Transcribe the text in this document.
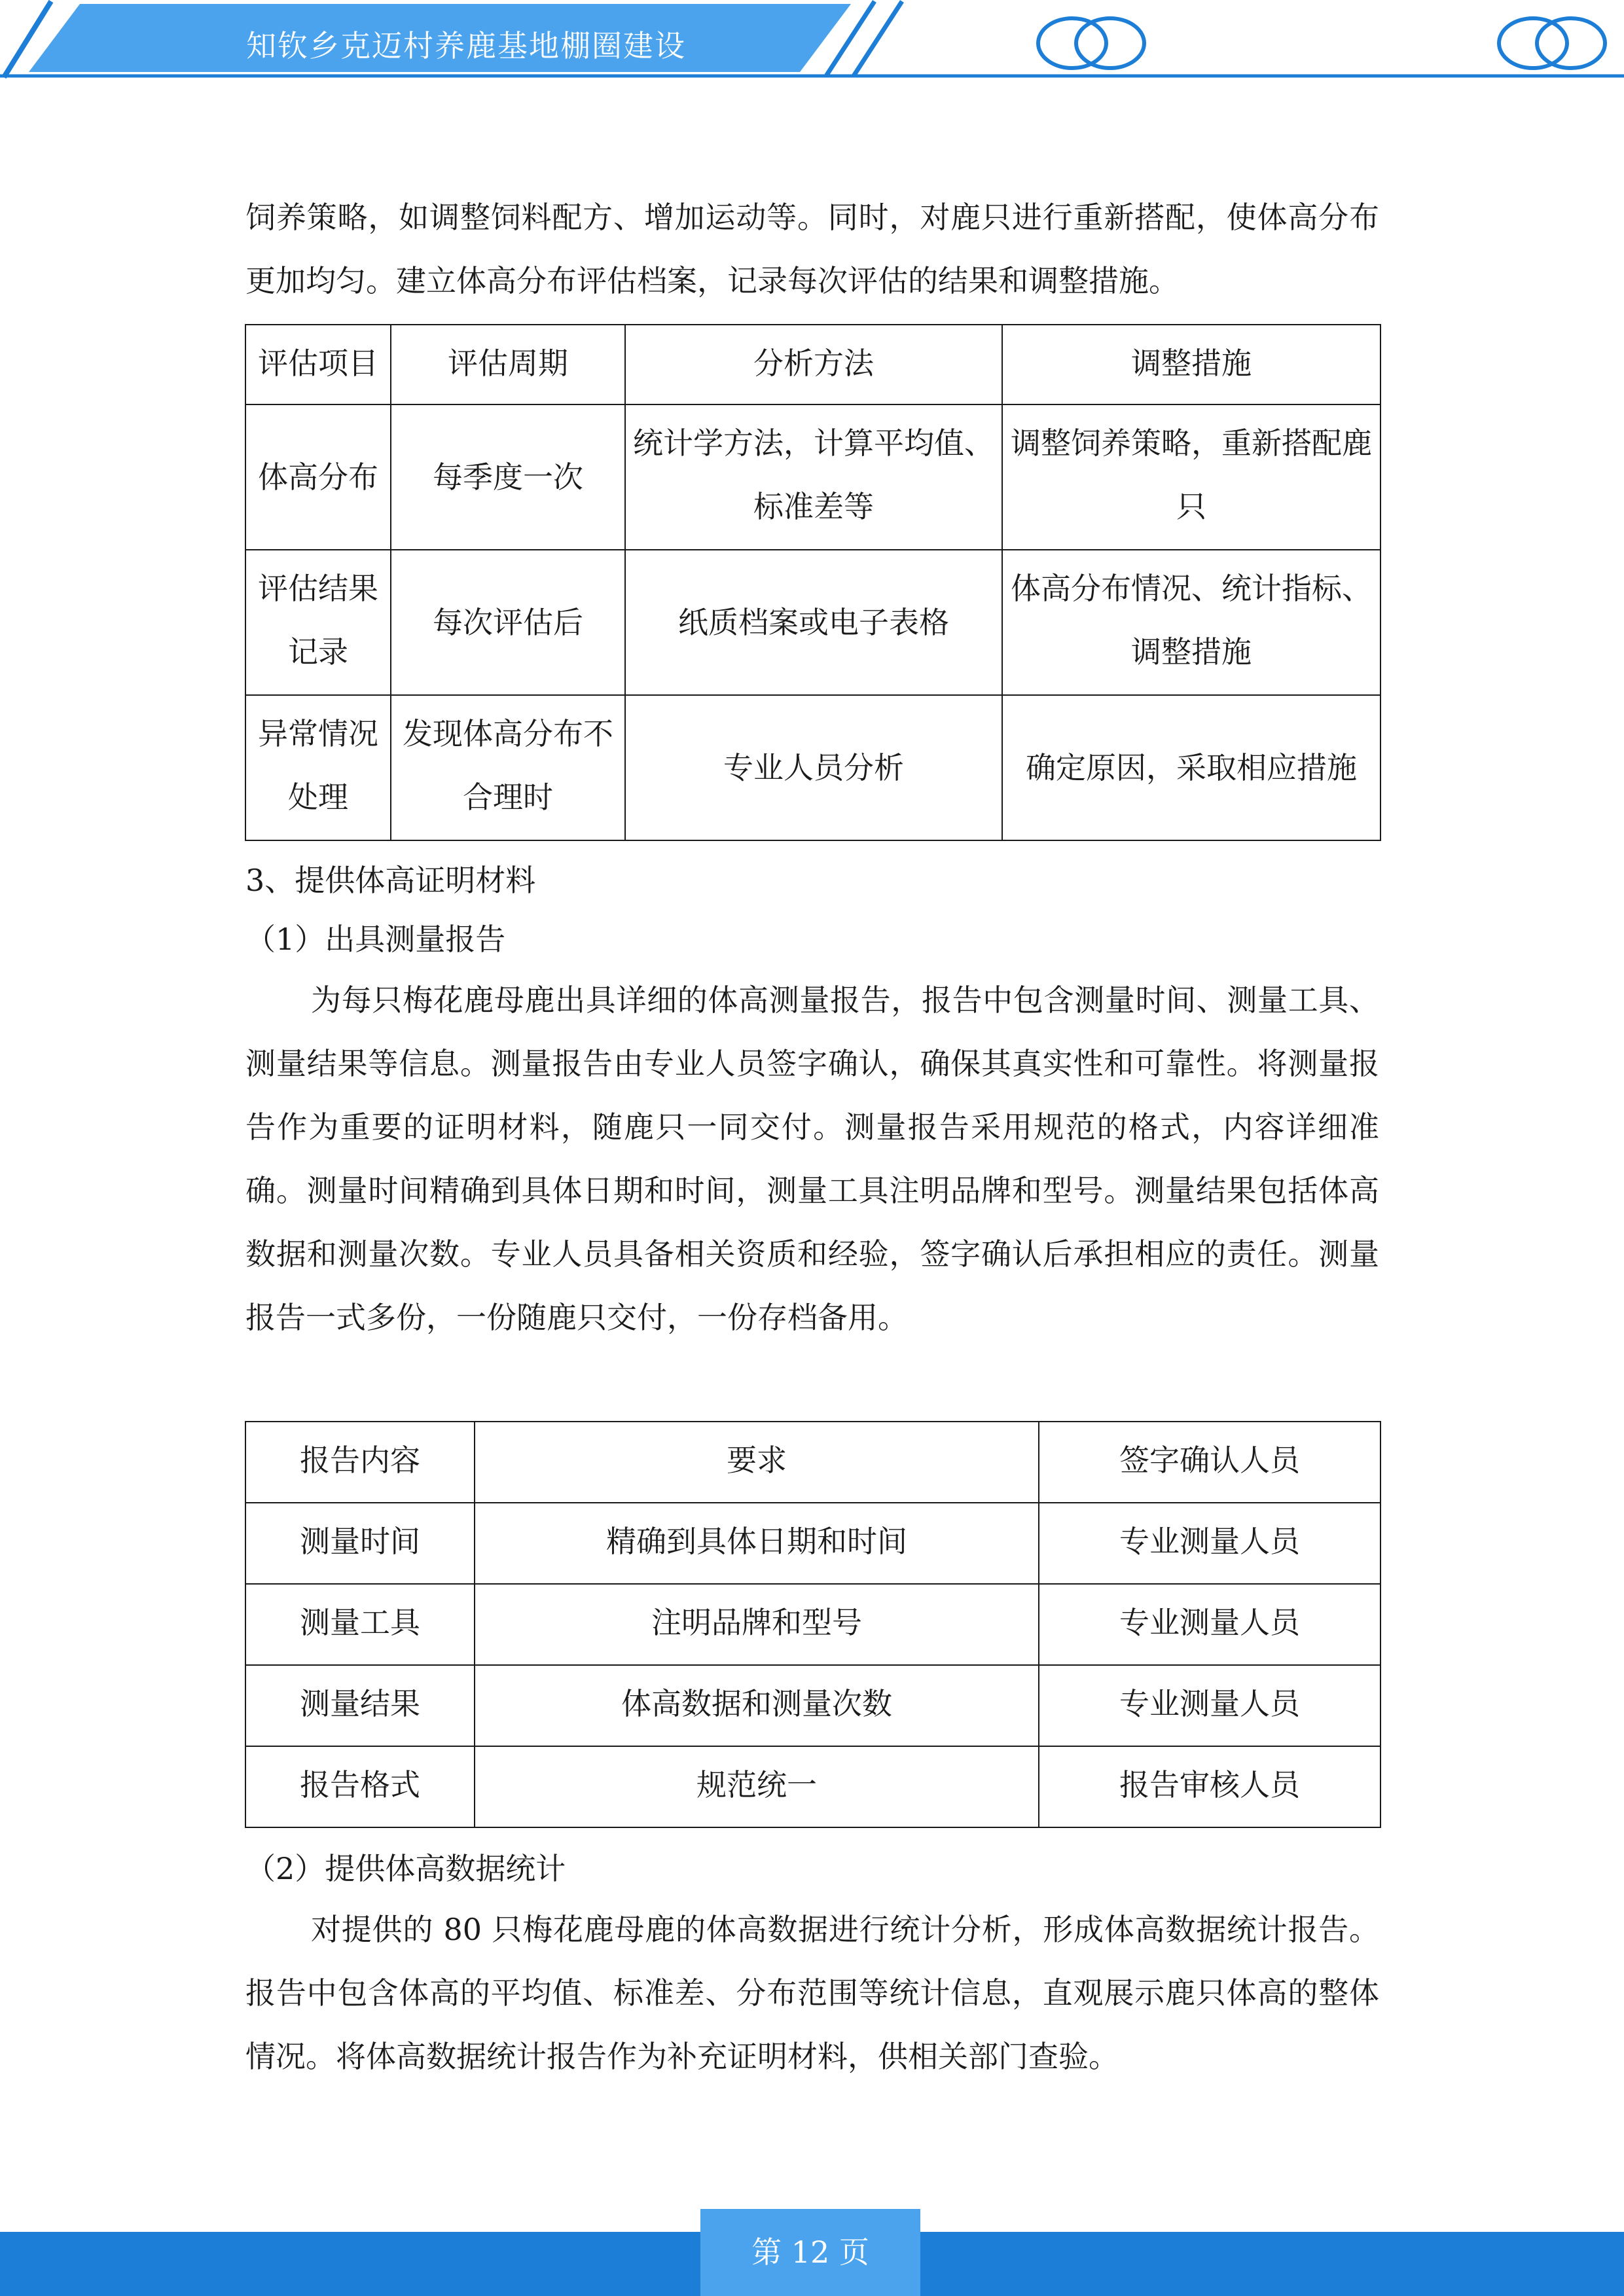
知钦乡克迈村养鹿基地棚圈建设

饲养策略，如调整饲料配方、增加运动等。同时，对鹿只进行重新搭配，使体高分布更加均匀。建立体高分布评估档案，记录每次评估的结果和调整措施。

评估项目	评估周期	分析方法	调整措施
体高分布	每季度一次	统计学方法，计算平均值、标准差等	调整饲养策略，重新搭配鹿只
评估结果记录	每次评估后	纸质档案或电子表格	体高分布情况、统计指标、调整措施
异常情况处理	发现体高分布不合理时	专业人员分析	确定原因，采取相应措施

3、提供体高证明材料

（1）出具测量报告

为每只梅花鹿母鹿出具详细的体高测量报告，报告中包含测量时间、测量工具、测量结果等信息。测量报告由专业人员签字确认，确保其真实性和可靠性。将测量报告作为重要的证明材料，随鹿只一同交付。测量报告采用规范的格式，内容详细准确。测量时间精确到具体日期和时间，测量工具注明品牌和型号。测量结果包括体高数据和测量次数。专业人员具备相关资质和经验，签字确认后承担相应的责任。测量报告一式多份，一份随鹿只交付，一份存档备用。

报告内容	要求	签字确认人员
测量时间	精确到具体日期和时间	专业测量人员
测量工具	注明品牌和型号	专业测量人员
测量结果	体高数据和测量次数	专业测量人员
报告格式	规范统一	报告审核人员

（2）提供体高数据统计

对提供的 80 只梅花鹿母鹿的体高数据进行统计分析，形成体高数据统计报告。报告中包含体高的平均值、标准差、分布范围等统计信息，直观展示鹿只体高的整体情况。将体高数据统计报告作为补充证明材料，供相关部门查验。

第 12 页
